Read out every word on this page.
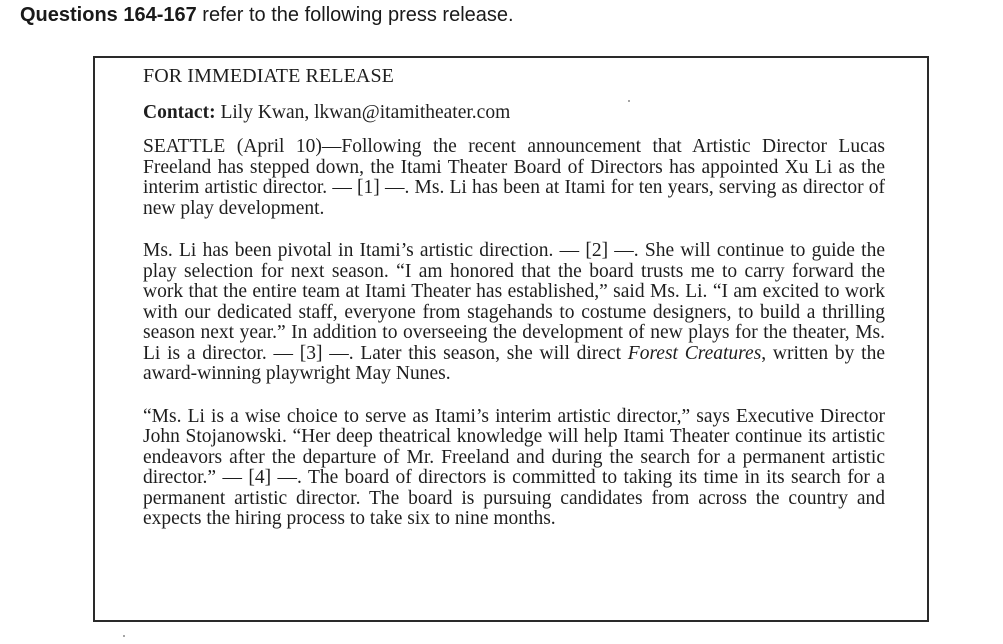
Questions 164-167 refer to the following press release.
FOR IMMEDIATE RELEASE

Contact: Lily Kwan, lkwan@itamitheater.com

SEATTLE (April 10)—Following the recent announcement that Artistic Director Lucas Freeland has stepped down, the Itami Theater Board of Directors has appointed Xu Li as the interim artistic director. — [1] —. Ms. Li has been at Itami for ten years, serving as director of new play development.

Ms. Li has been pivotal in Itami’s artistic direction. — [2] —. She will continue to guide the play selection for next season. “I am honored that the board trusts me to carry forward the work that the entire team at Itami Theater has established,” said Ms. Li. “I am excited to work with our dedicated staff, everyone from stagehands to costume designers, to build a thrilling season next year.” In addition to overseeing the development of new plays for the theater, Ms. Li is a director. — [3] —. Later this season, she will direct Forest Creatures, written by the award-winning playwright May Nunes.

“Ms. Li is a wise choice to serve as Itami’s interim artistic director,” says Executive Director John Stojanowski. “Her deep theatrical knowledge will help Itami Theater continue its artistic endeavors after the departure of Mr. Freeland and during the search for a permanent artistic director.” — [4] —. The board of directors is committed to taking its time in its search for a permanent artistic director. The board is pursuing candidates from across the country and expects the hiring process to take six to nine months.
